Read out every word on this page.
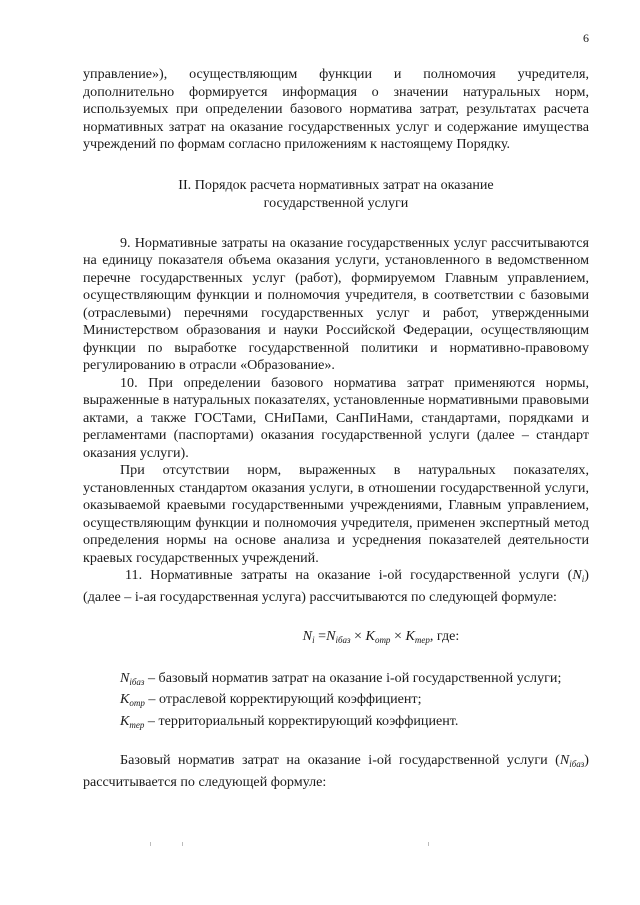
6

управление»), осуществляющим функции и полномочия учредителя, дополнительно формируется информация о значении натуральных норм, используемых при определении базового норматива затрат, результатах расчета нормативных затрат на оказание государственных услуг и содержание имущества учреждений по формам согласно приложениям к настоящему Порядку.

II. Порядок расчета нормативных затрат на оказание
государственной услуги

9. Нормативные затраты на оказание государственных услуг рассчитываются на единицу показателя объема оказания услуги, установленного в ведомственном перечне государственных услуг (работ), формируемом Главным управлением, осуществляющим функции и полномочия учредителя, в соответствии с базовыми (отраслевыми) перечнями государственных услуг и работ, утвержденными Министерством образования и науки Российской Федерации, осуществляющим функции по выработке государственной политики и нормативно-правовому регулированию в отрасли «Образование».

10. При определении базового норматива затрат применяются нормы, выраженные в натуральных показателях, установленные нормативными правовыми актами, а также ГОСТами, СНиПами, СанПиНами, стандартами, порядками и регламентами (паспортами) оказания государственной услуги (далее – стандарт оказания услуги).

При отсутствии норм, выраженных в натуральных показателях, установленных стандартом оказания услуги, в отношении государственной услуги, оказываемой краевыми государственными учреждениями, Главным управлением, осуществляющим функции и полномочия учредителя, применен экспертный метод определения нормы на основе анализа и усреднения показателей деятельности краевых государственных учреждений.

11. Нормативные затраты на оказание i-ой государственной услуги $(N_i)$ (далее – i-ая государственная услуга) рассчитываются по следующей формуле:

$N_i =N_{iбаз} \times K_{отр} \times K_{тер}$, где:

$N_{iбаз}$ – базовый норматив затрат на оказание i-ой государственной услуги;

$K_{отр}$ – отраслевой корректирующий коэффициент;

$K_{тер}$ – территориальный корректирующий коэффициент.

Базовый норматив затрат на оказание i-ой государственной услуги $(N_{iбаз})$ рассчитывается по следующей формуле:
